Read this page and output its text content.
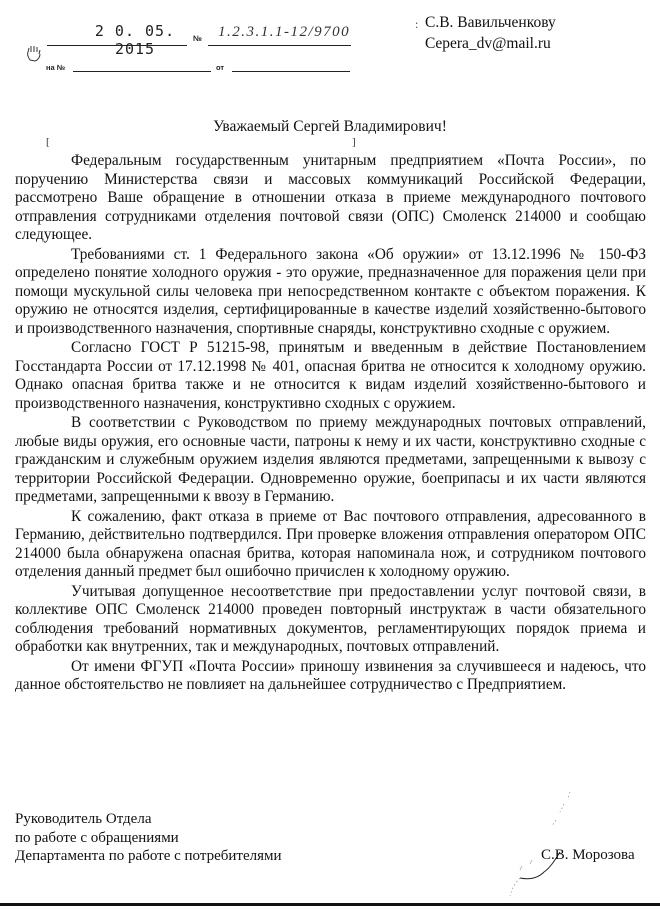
2 0. 05. 2015
№ 1.2.3.1.1-12/9700
на №	от
: С.В. Вавильченкову
Cepera_dv@mail.ru
Уважаемый Сергей Владимирович!
[	]

Федеральным государственным унитарным предприятием «Почта России», по поручению Министерства связи и массовых коммуникаций Российской Федерации, рассмотрено Ваше обращение в отношении отказа в приеме международного почтового отправления сотрудниками отделения почтовой связи (ОПС) Смоленск 214000 и сообщаю следующее.

Требованиями ст. 1 Федерального закона «Об оружии» от 13.12.1996 № 150-ФЗ определено понятие холодного оружия - это оружие, предназначенное для поражения цели при помощи мускульной силы человека при непосредственном контакте с объектом поражения. К оружию не относятся изделия, сертифицированные в качестве изделий хозяйственно-бытового и производственного назначения, спортивные снаряды, конструктивно сходные с оружием.

Согласно ГОСТ Р 51215-98, принятым и введенным в действие Постановлением Госстандарта России от 17.12.1998 № 401, опасная бритва не относится к холодному оружию. Однако опасная бритва также и не относится к видам изделий хозяйственно-бытового и производственного назначения, конструктивно сходных с оружием.

В соответствии с Руководством по приему международных почтовых отправлений, любые виды оружия, его основные части, патроны к нему и их части, конструктивно сходные с гражданским и служебным оружием изделия являются предметами, запрещенными к вывозу с территории Российской Федерации. Одновременно оружие, боеприпасы и их части являются предметами, запрещенными к ввозу в Германию.

К сожалению, факт отказа в приеме от Вас почтового отправления, адресованного в Германию, действительно подтвердился. При проверке вложения отправления оператором ОПС 214000 была обнаружена опасная бритва, которая напоминала нож, и сотрудником почтового отделения данный предмет был ошибочно причислен к холодному оружию.

Учитывая допущенное несоответствие при предоставлении услуг почтовой связи, в коллективе ОПС Смоленск 214000 проведен повторный инструктаж в части обязательного соблюдения требований нормативных документов, регламентирующих порядок приема и обработки как внутренних, так и международных, почтовых отправлений.

От имени ФГУП «Почта России» приношу извинения за случившееся и надеюсь, что данное обстоятельство не повлияет на дальнейшее сотрудничество с Предприятием.

Руководитель Отдела
по работе с обращениями
Департамента по работе с потребителями	С.В. Морозова
